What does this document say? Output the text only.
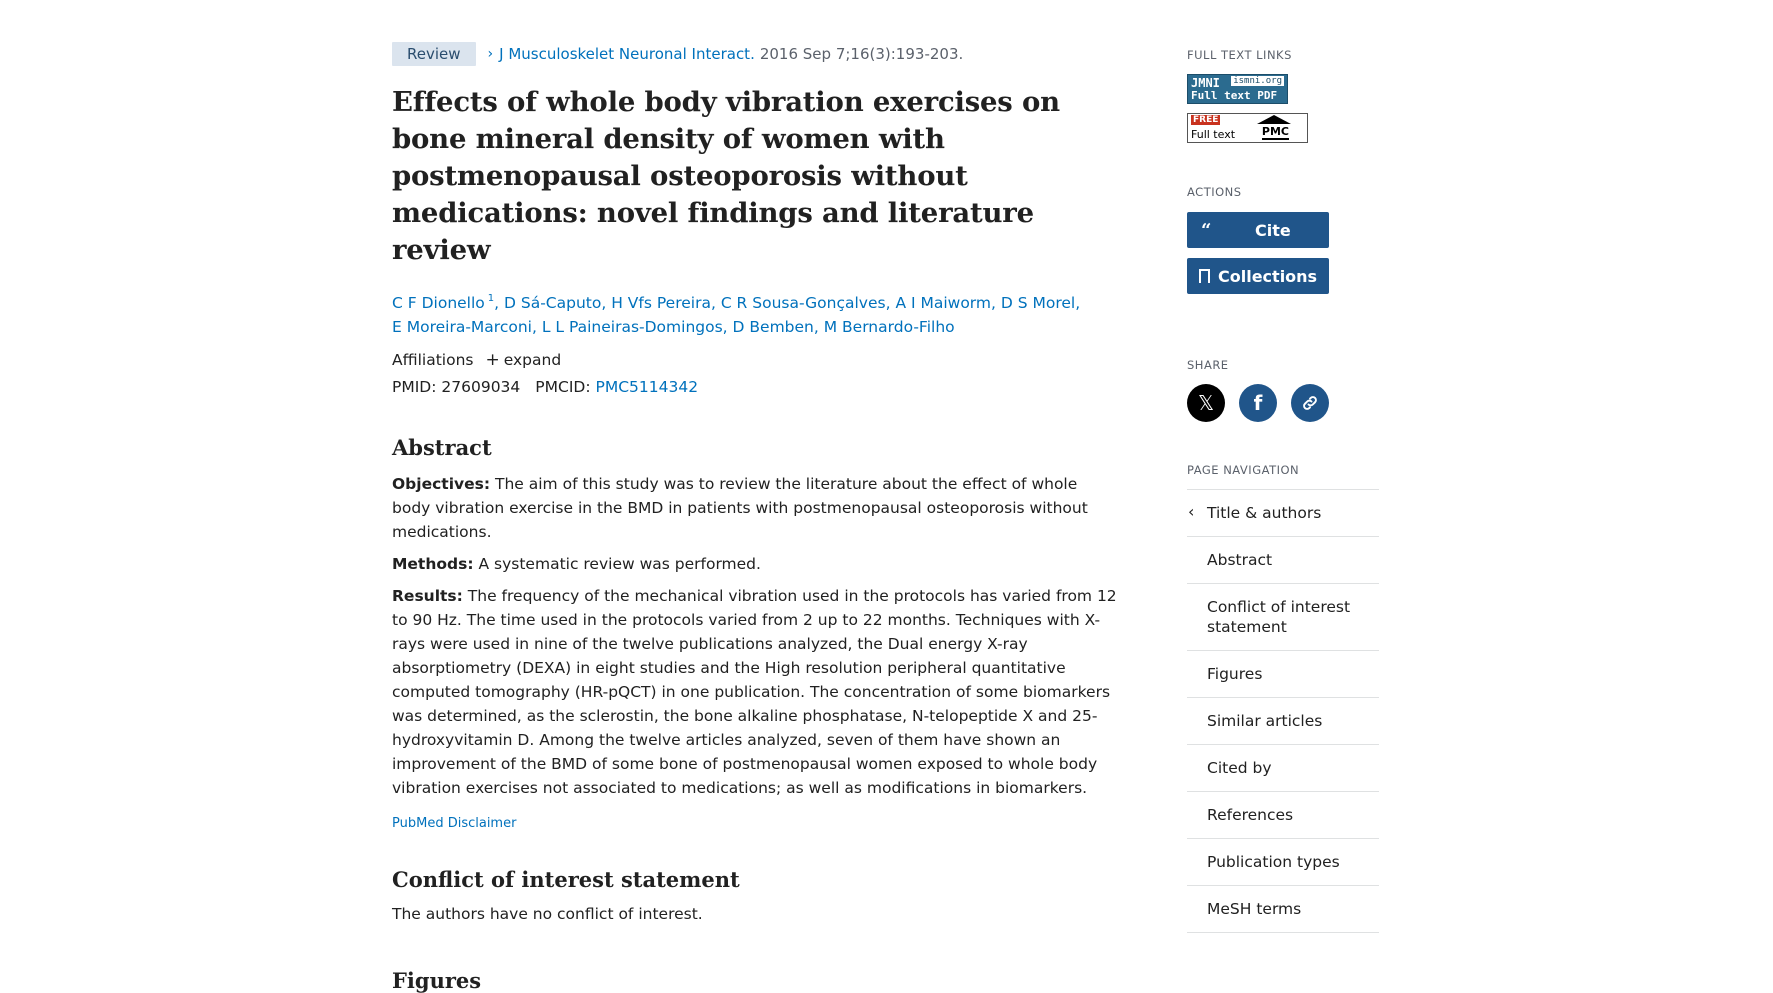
Review	› J Musculoskelet Neuronal Interact. 2016 Sep 7;16(3):193-203.
Effects of whole body vibration exercises on bone mineral density of women with postmenopausal osteoporosis without medications: novel findings and literature review
C F Dionello $^1$, D Sá-Caputo, H Vfs Pereira, C R Sousa-Gonçalves, A I Maiworm, D S Morel,
E Moreira-Marconi, L L Paineiras-Domingos, D Bemben, M Bernardo-Filho
Affiliations + expand
PMID:
27609034 PMCID:
PMC5114342
Abstract

Objectives: The aim of this study was to review the literature about the effect of whole body vibration exercise in the BMD in patients with postmenopausal osteoporosis without medications.

Methods: A systematic review was performed.

Results: The frequency of the mechanical vibration used in the protocols has varied from 12 to 90 Hz. The time used in the protocols varied from 2 up to 22 months. Techniques with X-rays were used in nine of the twelve publications analyzed, the Dual energy X-ray absorptiometry (DEXA) in eight studies and the High resolution peripheral quantitative computed tomography (HR-pQCT) in one publication. The concentration of some biomarkers was determined, as the sclerostin, the bone alkaline phosphatase, N-telopeptide X and 25-hydroxyvitamin D. Among the twelve articles analyzed, seven of them have shown an improvement of the BMD of some bone of postmenopausal women exposed to whole body vibration exercises not associated to medications; as well as modifications in biomarkers.

PubMed Disclaimer
Conflict of interest statement

The authors have no conflict of interest.

Figures
FULL TEXT LINKS
JMNI ismni.org
Full text PDF
FREE
Full text PMC
ACTIONS
“	Cite
Collections
SHARE
𝕏	f
PAGE NAVIGATION
‹ Title & authors
Abstract
Conflict of interest statement
Figures
Similar articles
Cited by
References
Publication types
MeSH terms
